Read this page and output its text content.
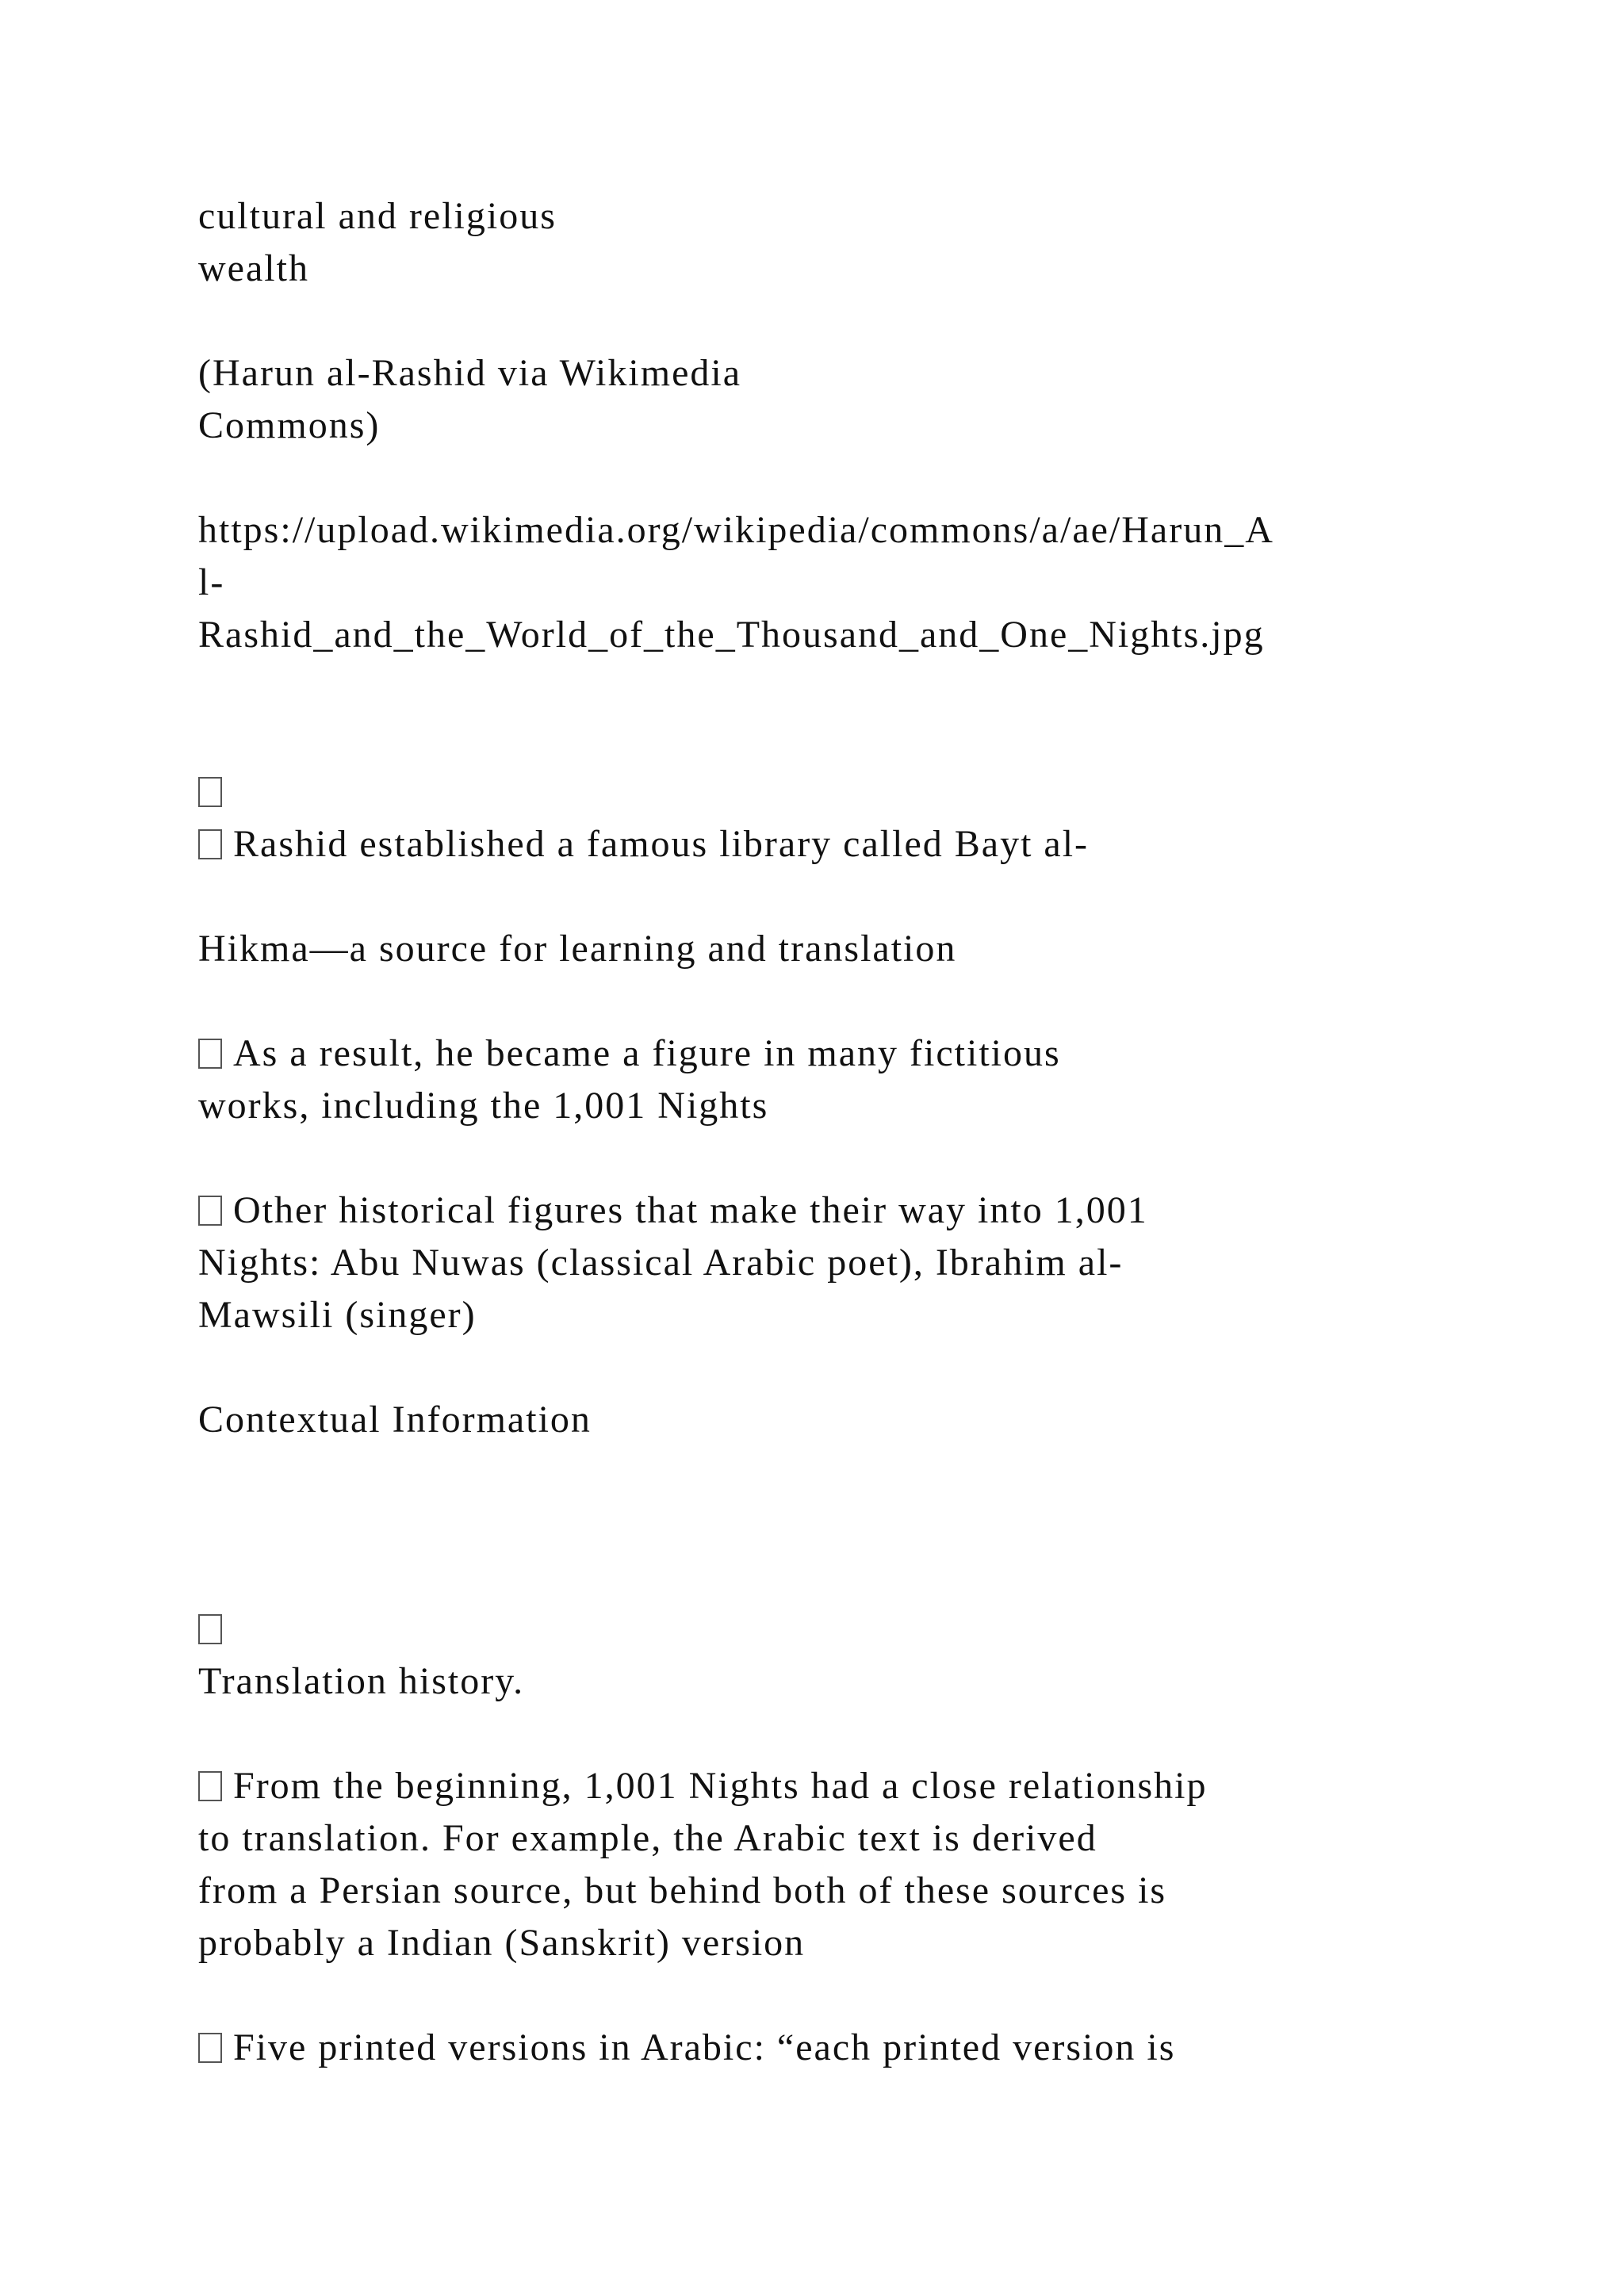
cultural and religious
wealth
(Harun al-Rashid via Wikimedia
Commons)
https://upload.wikimedia.org/wikipedia/commons/a/ae/Harun_A
l-
Rashid_and_the_World_of_the_Thousand_and_One_Nights.jpg
Rashid established a famous library called Bayt al-
Hikma—a source for learning and translation
As a result, he became a figure in many fictitious
works, including the 1,001 Nights
Other historical figures that make their way into 1,001
Nights: Abu Nuwas (classical Arabic poet), Ibrahim al-
Mawsili (singer)
Contextual Information
Translation history.
From the beginning, 1,001 Nights had a close relationship
to translation. For example, the Arabic text is derived
from a Persian source, but behind both of these sources is
probably a Indian (Sanskrit) version
Five printed versions in Arabic: “each printed version is
